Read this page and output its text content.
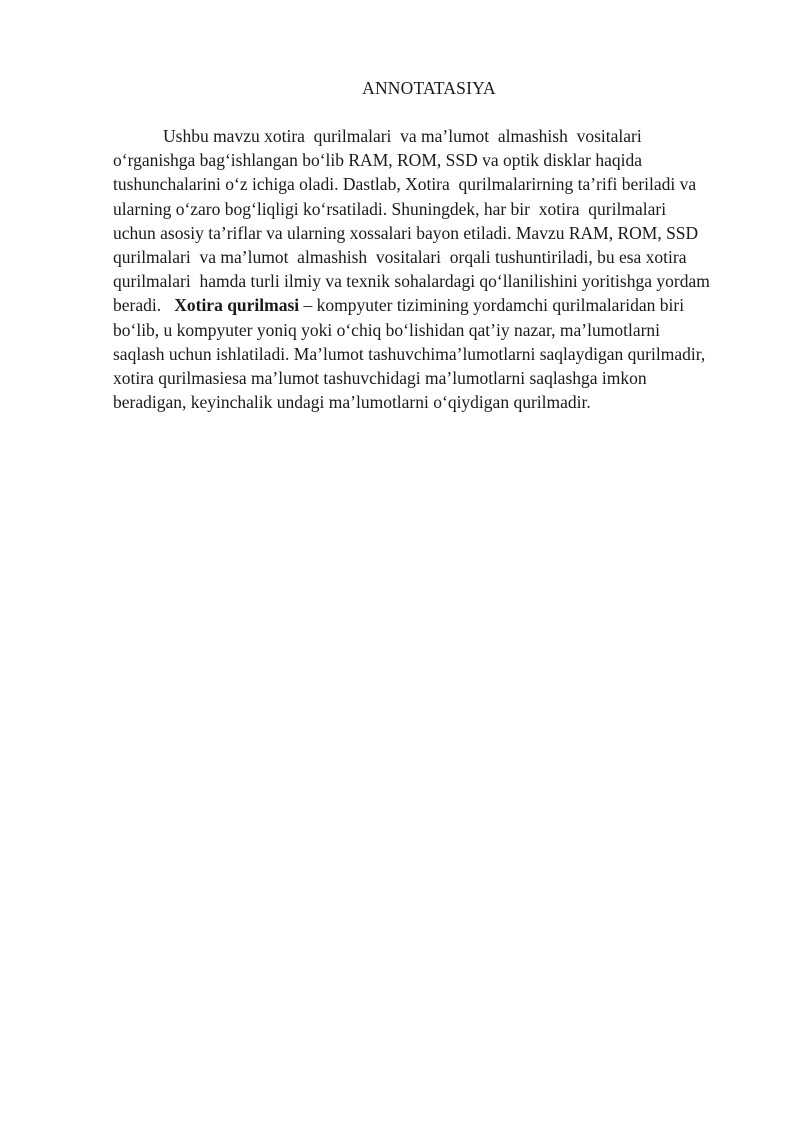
ANNOTATASIYA
Ushbu mavzu xotira  qurilmalari  va ma’lumot  almashish  vositalari
o‘rganishga bag‘ishlangan bo‘lib RAM, ROM, SSD va optik disklar haqida
tushunchalarini o‘z ichiga oladi. Dastlab, Xotira  qurilmalarirning ta’rifi beriladi va
ularning o‘zaro bog‘liqligi ko‘rsatiladi. Shuningdek, har bir  xotira  qurilmalari
uchun asosiy ta’riflar va ularning xossalari bayon etiladi. Mavzu RAM, ROM, SSD
qurilmalari  va ma’lumot  almashish  vositalari  orqali tushuntiriladi, bu esa xotira
qurilmalari  hamda turli ilmiy va texnik sohalardagi qo‘llanilishini yoritishga yordam
beradi.   Xotira qurilmasi – kompyuter tizimining yordamchi qurilmalaridan biri
bo‘lib, u kompyuter yoniq yoki o‘chiq bo‘lishidan qat’iy nazar, ma’lumotlarni
saqlash uchun ishlatiladi. Ma’lumot tashuvchima’lumotlarni saqlaydigan qurilmadir,
xotira qurilmasiesa ma’lumot tashuvchidagi ma’lumotlarni saqlashga imkon
beradigan, keyinchalik undagi ma’lumotlarni o‘qiydigan qurilmadir.
